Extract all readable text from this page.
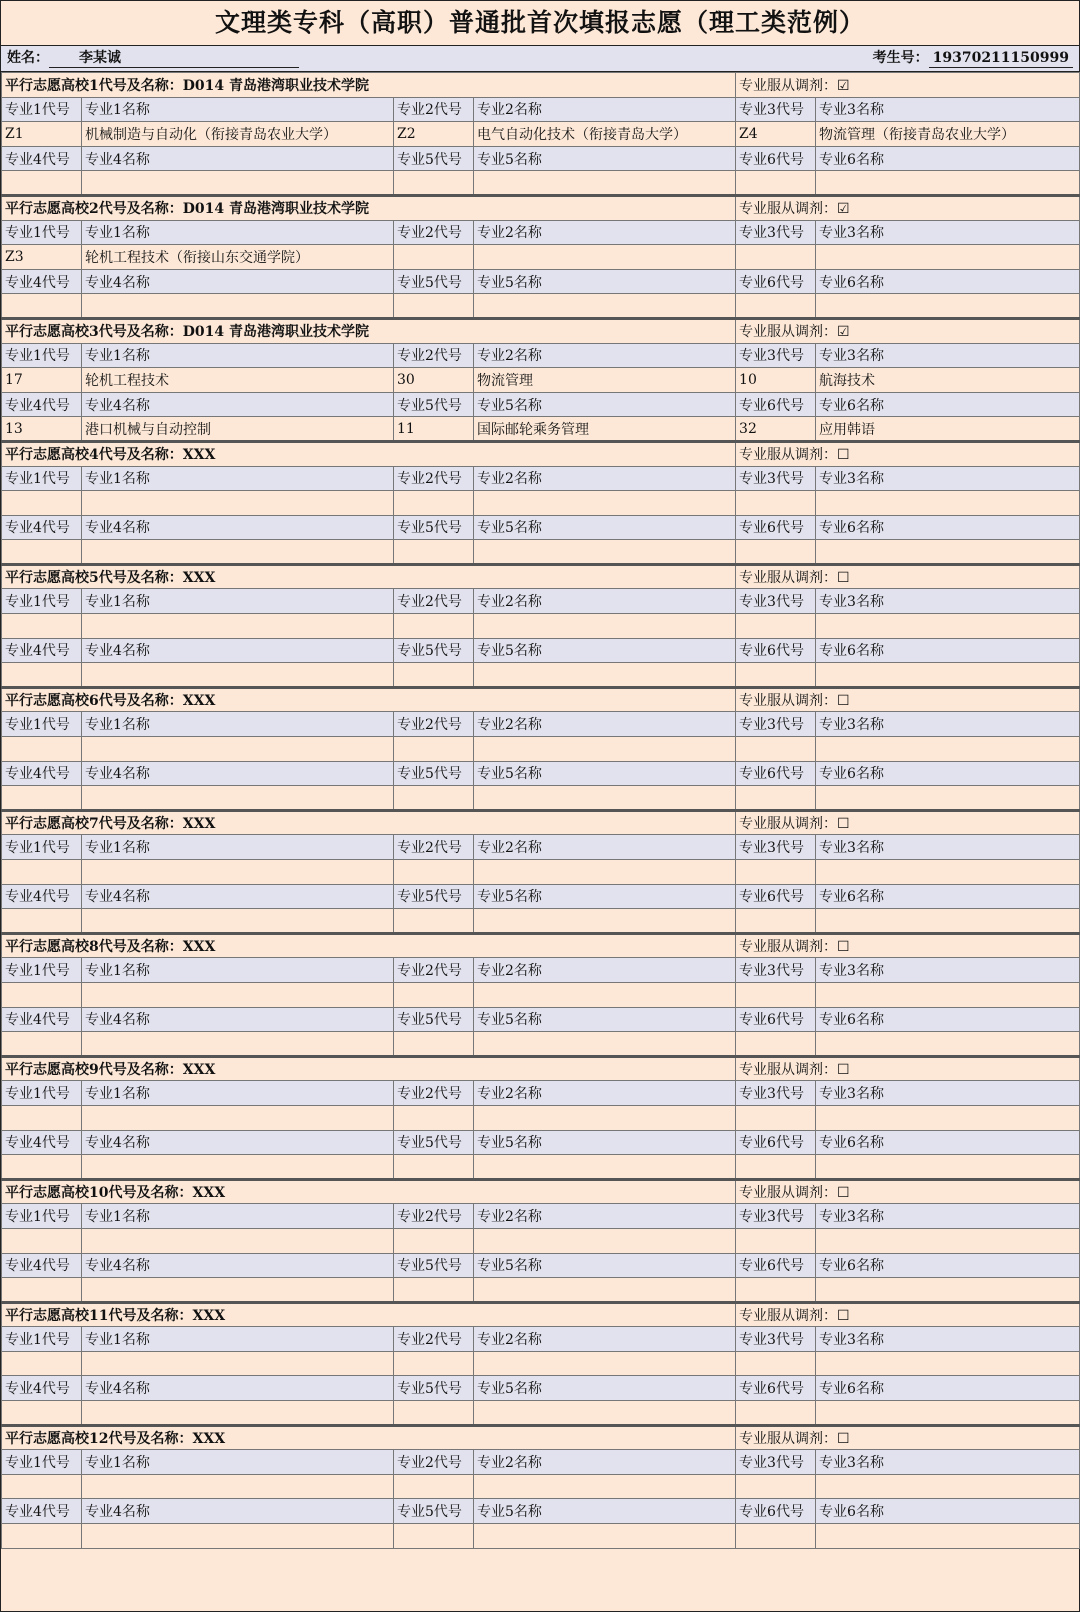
文理类专科（高职）普通批首次填报志愿（理工类范例）
姓名： 李某诚	考生号： 19370211150999
平行志愿高校1代号及名称：D014 青岛港湾职业技术学院				专业服从调剂：☑	
专业1代号	专业1名称	专业2代号	专业2名称	专业3代号	专业3名称
Z1	机械制造与自动化（衔接青岛农业大学）	Z2	电气自动化技术（衔接青岛大学）	Z4	物流管理（衔接青岛农业大学）
专业4代号	专业4名称	专业5代号	专业5名称	专业6代号	专业6名称

平行志愿高校2代号及名称：D014 青岛港湾职业技术学院				专业服从调剂：☑	
专业1代号	专业1名称	专业2代号	专业2名称	专业3代号	专业3名称
Z3	轮机工程技术（衔接山东交通学院）				
专业4代号	专业4名称	专业5代号	专业5名称	专业6代号	专业6名称

平行志愿高校3代号及名称：D014 青岛港湾职业技术学院				专业服从调剂：☑	
专业1代号	专业1名称	专业2代号	专业2名称	专业3代号	专业3名称
17	轮机工程技术	30	物流管理	10	航海技术
专业4代号	专业4名称	专业5代号	专业5名称	专业6代号	专业6名称
13	港口机械与自动控制	11	国际邮轮乘务管理	32	应用韩语
平行志愿高校4代号及名称：XXX				专业服从调剂：☐	
专业1代号	专业1名称	专业2代号	专业2名称	专业3代号	专业3名称

专业4代号	专业4名称	专业5代号	专业5名称	专业6代号	专业6名称

平行志愿高校5代号及名称：XXX				专业服从调剂：☐	
专业1代号	专业1名称	专业2代号	专业2名称	专业3代号	专业3名称

专业4代号	专业4名称	专业5代号	专业5名称	专业6代号	专业6名称

平行志愿高校6代号及名称：XXX				专业服从调剂：☐	
专业1代号	专业1名称	专业2代号	专业2名称	专业3代号	专业3名称

专业4代号	专业4名称	专业5代号	专业5名称	专业6代号	专业6名称

平行志愿高校7代号及名称：XXX				专业服从调剂：☐	
专业1代号	专业1名称	专业2代号	专业2名称	专业3代号	专业3名称

专业4代号	专业4名称	专业5代号	专业5名称	专业6代号	专业6名称

平行志愿高校8代号及名称：XXX				专业服从调剂：☐	
专业1代号	专业1名称	专业2代号	专业2名称	专业3代号	专业3名称

专业4代号	专业4名称	专业5代号	专业5名称	专业6代号	专业6名称

平行志愿高校9代号及名称：XXX				专业服从调剂：☐	
专业1代号	专业1名称	专业2代号	专业2名称	专业3代号	专业3名称

专业4代号	专业4名称	专业5代号	专业5名称	专业6代号	专业6名称

平行志愿高校10代号及名称：XXX				专业服从调剂：☐	
专业1代号	专业1名称	专业2代号	专业2名称	专业3代号	专业3名称

专业4代号	专业4名称	专业5代号	专业5名称	专业6代号	专业6名称

平行志愿高校11代号及名称：XXX				专业服从调剂：☐	
专业1代号	专业1名称	专业2代号	专业2名称	专业3代号	专业3名称

专业4代号	专业4名称	专业5代号	专业5名称	专业6代号	专业6名称

平行志愿高校12代号及名称：XXX				专业服从调剂：☐	
专业1代号	专业1名称	专业2代号	专业2名称	专业3代号	专业3名称

专业4代号	专业4名称	专业5代号	专业5名称	专业6代号	专业6名称
